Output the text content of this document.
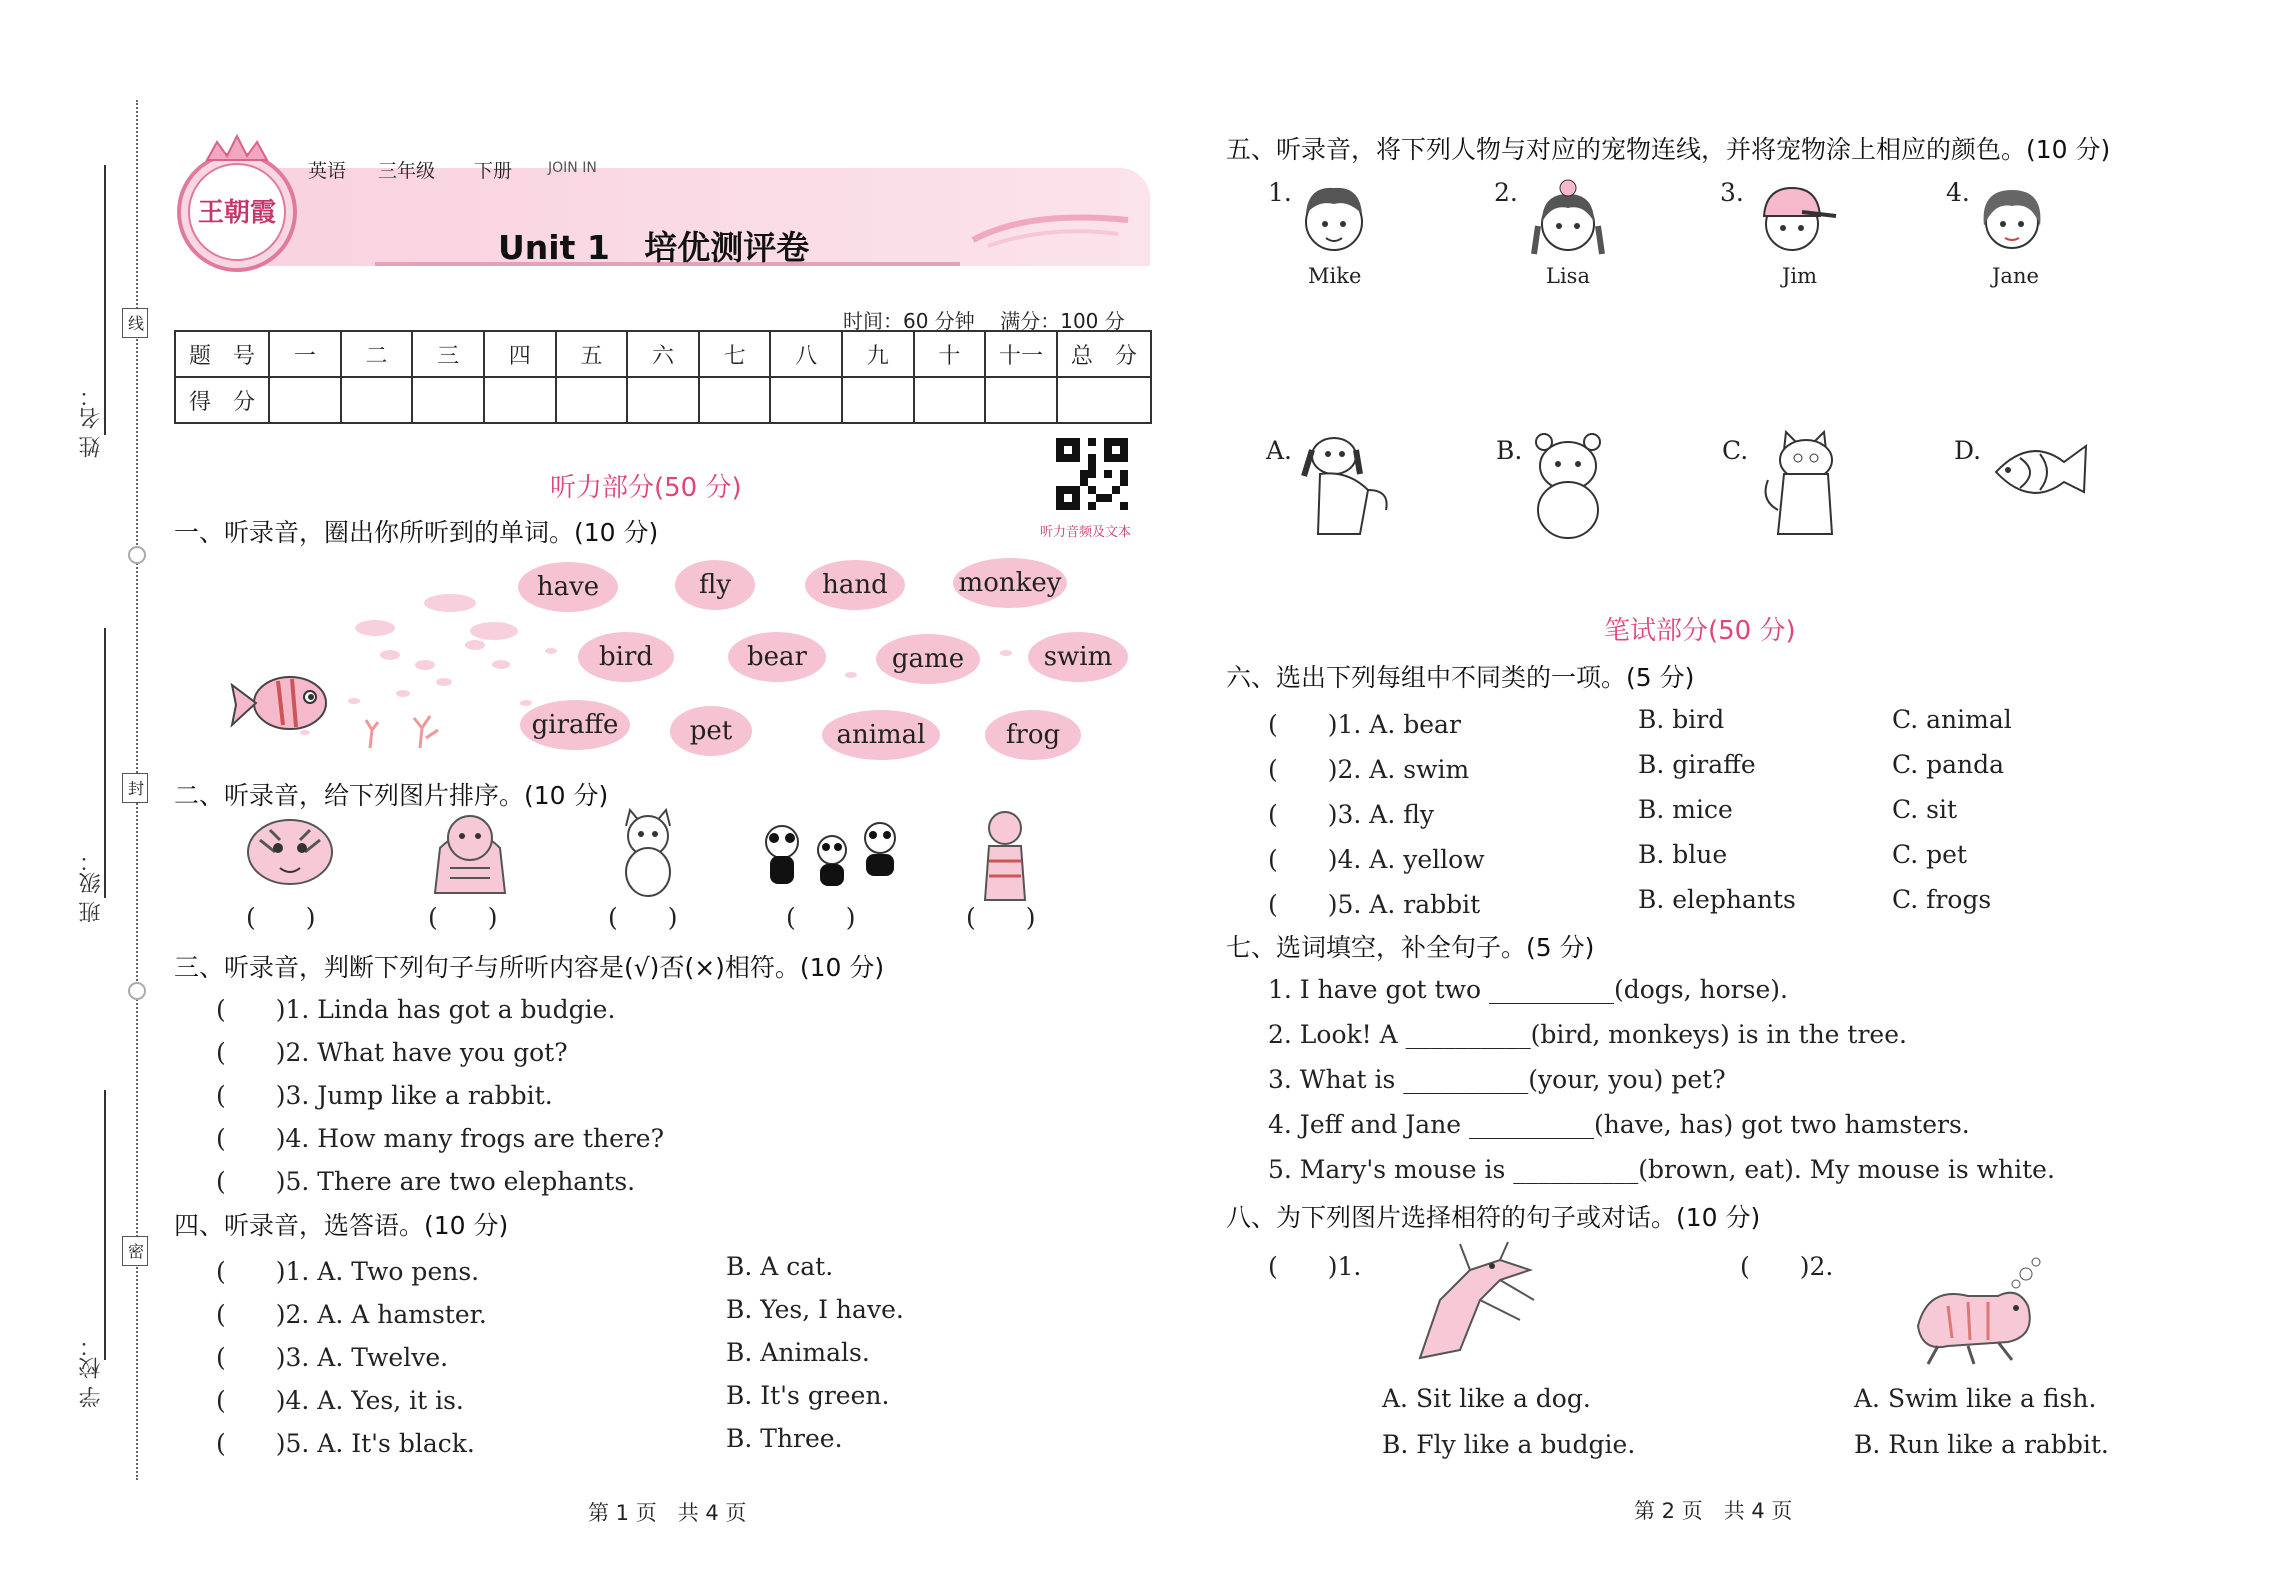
线
封
密
姓 名：
班 级：
学 校：
王朝霞
英语 三年级 下册	JOIN IN
Unit 1   培优测评卷
时间：60 分钟    满分：100 分
题　号	一	二	三	四	五	六	七	八	九	十	十一	总　分
得　分												
听力音频及文本
听力部分(50 分)
一、听录音，圈出你所听到的单词。(10 分)
have	fly	hand	monkey
bird	bear	game	swim
giraffe	pet	animal	frog
二、听录音，给下列图片排序。(10 分)
(　　)	(　　)	(　　)	(　　)	(　　)
三、听录音，判断下列句子与所听内容是(√)否(×)相符。(10 分)
(　　)1. Linda has got a budgie.
(　　)2. What have you got?
(　　)3. Jump like a rabbit.
(　　)4. How many frogs are there?
(　　)5. There are two elephants.
四、听录音，选答语。(10 分)
(　　)1. A. Two pens.	B. A cat.
(　　)2. A. A hamster.	B. Yes, I have.
(　　)3. A. Twelve.	B. Animals.
(　　)4. A. Yes, it is.	B. It's green.
(　　)5. A. It's black.	B. Three.
第 1 页　共 4 页
五、听录音，将下列人物与对应的宠物连线，并将宠物涂上相应的颜色。(10 分)
1.
Mike
2.
Lisa
3.
Jim
4.
Jane
A.	B.	C.	D.
笔试部分(50 分)
六、选出下列每组中不同类的一项。(5 分)
(　　)1. A. bear	B. bird	C. animal
(　　)2. A. swim	B. giraffe	C. panda
(　　)3. A. fly	B. mice	C. sit
(　　)4. A. yellow	B. blue	C. pet
(　　)5. A. rabbit	B. elephants	C. frogs
七、选词填空，补全句子。(5 分)
1. I have got two __________(dogs, horse).
2. Look! A __________(bird, monkeys) is in the tree.
3. What is __________(your, you) pet?
4. Jeff and Jane __________(have, has) got two hamsters.
5. Mary's mouse is __________(brown, eat). My mouse is white.
八、为下列图片选择相符的句子或对话。(10 分)
(　　)1.
A. Sit like a dog.
B. Fly like a budgie.
(　　)2.
A. Swim like a fish.
B. Run like a rabbit.
第 2 页　共 4 页
